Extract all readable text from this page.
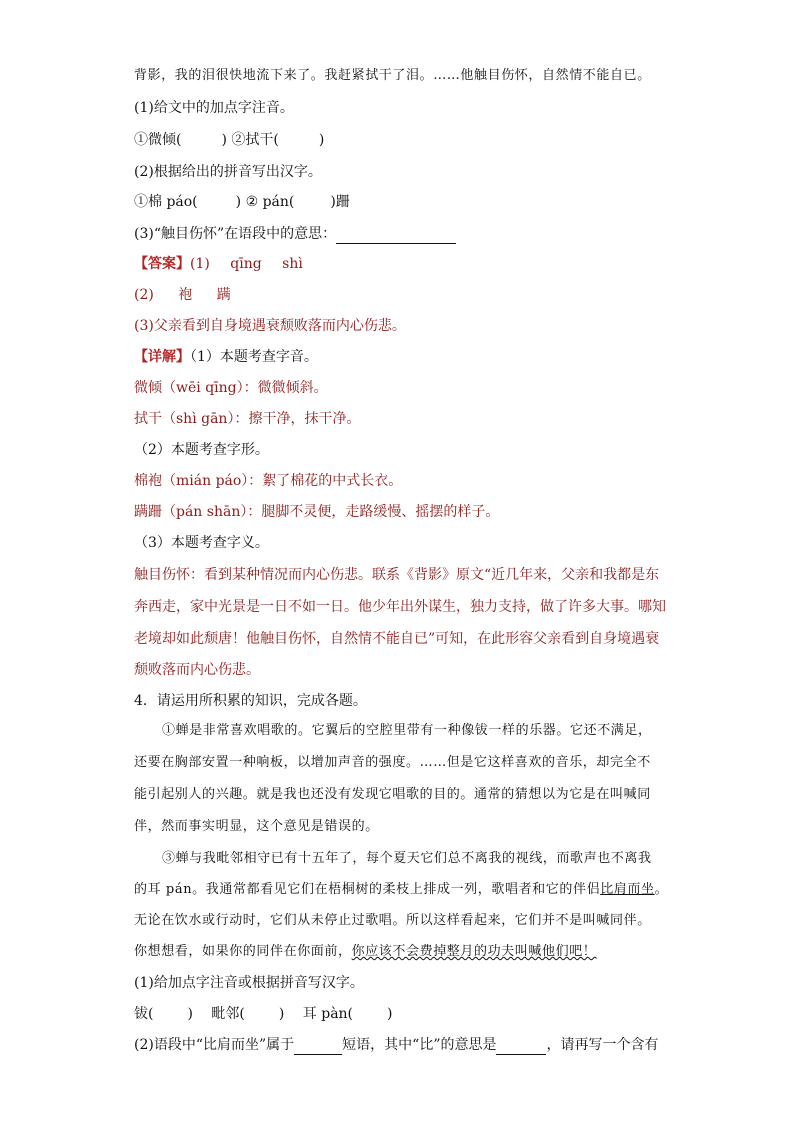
背影，我的泪很快地流下来了。我赶紧拭干了泪。……他触目伤怀，自然情不能自已。
(1)给文中的加点字注音。
①微倾(	) ②拭干(	)
(2)根据给出的拼音写出汉字。
①棉 páo(	) ② pán(	)跚
(3)“触目伤怀”在语段中的意思：
【答案】(1) qīng shì
(2) 袍 蹒
(3)父亲看到自身境遇衰颓败落而内心伤悲。
【详解】（1）本题考查字音。
微倾（wēi qīng）：微微倾斜。
拭干（shì gān）：擦干净，抹干净。
（2）本题考查字形。
棉袍（mián páo）：絮了棉花的中式长衣。
蹒跚（pán shān）：腿脚不灵便，走路缓慢、摇摆的样子。
（3）本题考查字义。
触目伤怀：看到某种情况而内心伤悲。联系《背影》原文“近几年来，父亲和我都是东
奔西走，家中光景是一日不如一日。他少年出外谋生，独力支持，做了许多大事。哪知
老境却如此颓唐！他触目伤怀，自然情不能自已”可知，在此形容父亲看到自身境遇衰
颓败落而内心伤悲。
4．请运用所积累的知识，完成各题。
①蝉是非常喜欢唱歌的。它翼后的空腔里带有一种像钹一样的乐器。它还不满足，
还要在胸部安置一种响板，以增加声音的强度。……但是它这样喜欢的音乐，却完全不
能引起别人的兴趣。就是我也还没有发现它唱歌的目的。通常的猜想以为它是在叫喊同
伴，然而事实明显，这个意见是错误的。
③蝉与我毗邻相守已有十五年了，每个夏天它们总不离我的视线，而歌声也不离我
的耳 pán。我通常都看见它们在梧桐树的柔枝上排成一列，歌唱者和它的伴侣比肩而坐。
无论在饮水或行动时，它们从未停止过歌唱。所以这样看起来，它们并不是叫喊同伴。
你想想看，如果你的同伴在你面前，你应该不会费掉整月的功夫叫喊他们吧！
(1)给加点字注音或根据拼音写汉字。
钹( ) 毗邻( ) 耳 pàn( )
(2)语段中“比肩而坐”属于	短语，其中“比”的意思是	，请再写一个含有
